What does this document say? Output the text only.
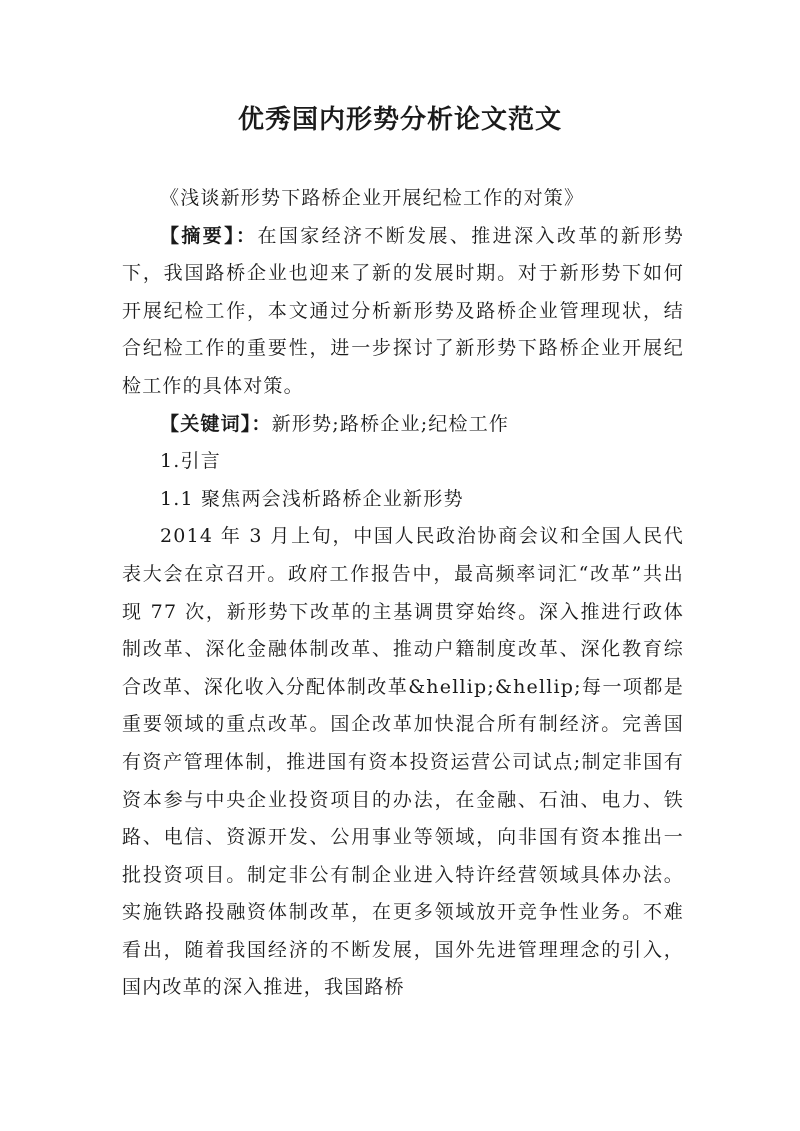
优秀国内形势分析论文范文

《浅谈新形势下路桥企业开展纪检工作的对策》

【摘要】：在国家经济不断发展、推进深入改革的新形势下，我国路桥企业也迎来了新的发展时期。对于新形势下如何开展纪检工作，本文通过分析新形势及路桥企业管理现状，结合纪检工作的重要性，进一步探讨了新形势下路桥企业开展纪检工作的具体对策。

【关键词】：新形势;路桥企业;纪检工作

1.引言

1.1 聚焦两会浅析路桥企业新形势

2014 年 3 月上旬，中国人民政治协商会议和全国人民代表大会在京召开。政府工作报告中，最高频率词汇“改革”共出现 77 次，新形势下改革的主基调贯穿始终。深入推进行政体制改革、深化金融体制改革、推动户籍制度改革、深化教育综合改革、深化收入分配体制改革&hellip;&hellip;每一项都是重要领域的重点改革。国企改革加快混合所有制经济。完善国有资产管理体制，推进国有资本投资运营公司试点;制定非国有资本参与中央企业投资项目的办法，在金融、石油、电力、铁路、电信、资源开发、公用事业等领域，向非国有资本推出一批投资项目。制定非公有制企业进入特许经营领域具体办法。实施铁路投融资体制改革，在更多领域放开竞争性业务。不难看出，随着我国经济的不断发展，国外先进管理理念的引入，国内改革的深入推进，我国路桥
